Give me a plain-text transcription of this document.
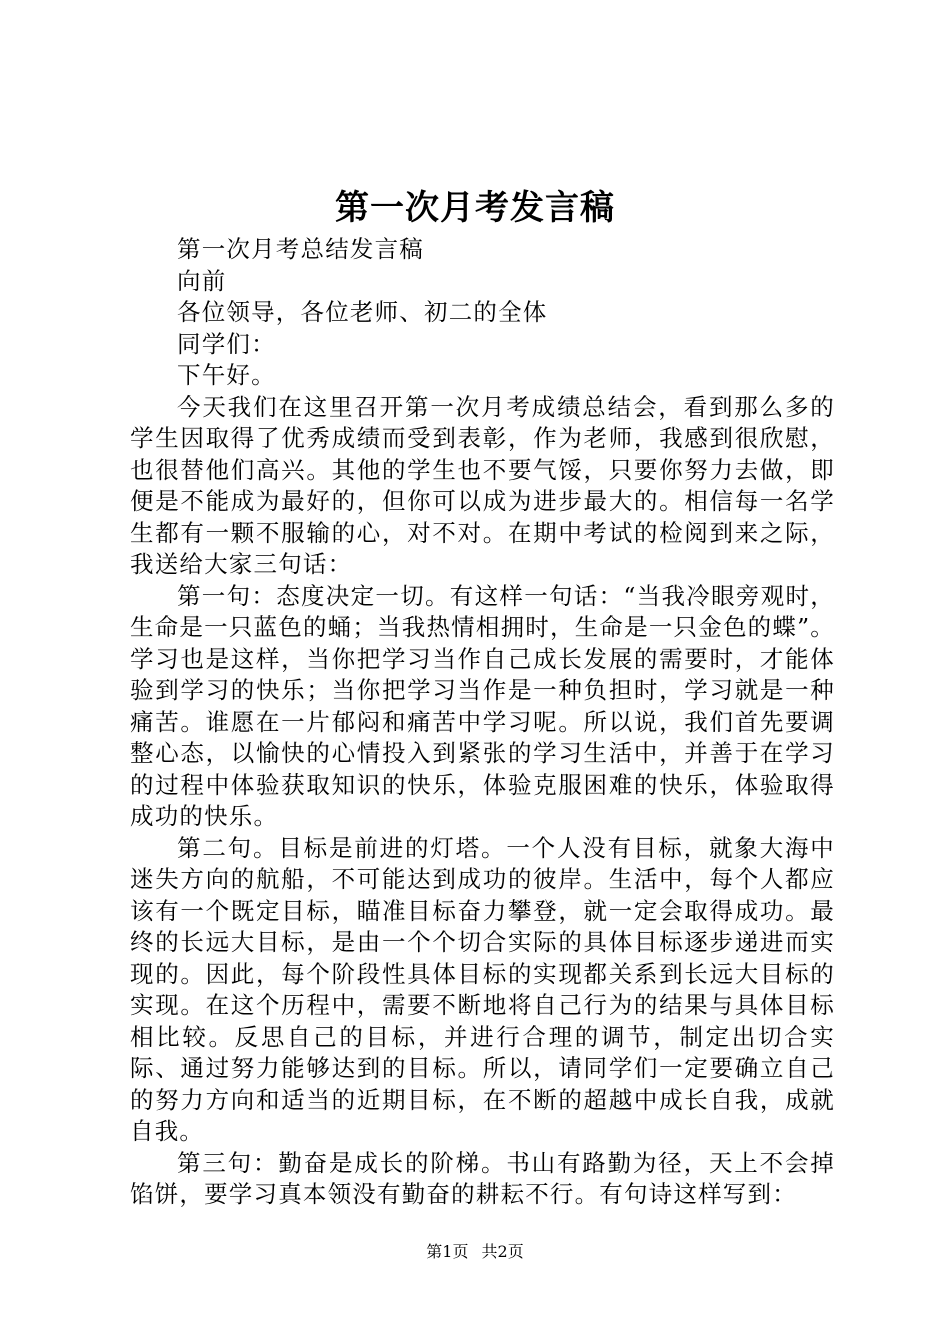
第一次月考发言稿

第一次月考总结发言稿

向前

各位领导，各位老师、初二的全体

同学们：

下午好。

今天我们在这里召开第一次月考成绩总结会，看到那么多的学生因取得了优秀成绩而受到表彰，作为老师，我感到很欣慰，也很替他们高兴。其他的学生也不要气馁，只要你努力去做，即便是不能成为最好的，但你可以成为进步最大的。相信每一名学生都有一颗不服输的心，对不对。在期中考试的检阅到来之际，我送给大家三句话：

第一句：态度决定一切。有这样一句话：“当我冷眼旁观时，生命是一只蓝色的蛹；当我热情相拥时，生命是一只金色的蝶”。学习也是这样，当你把学习当作自己成长发展的需要时，才能体验到学习的快乐；当你把学习当作是一种负担时，学习就是一种痛苦。谁愿在一片郁闷和痛苦中学习呢。所以说，我们首先要调整心态，以愉快的心情投入到紧张的学习生活中，并善于在学习的过程中体验获取知识的快乐，体验克服困难的快乐，体验取得成功的快乐。

第二句。目标是前进的灯塔。一个人没有目标，就象大海中迷失方向的航船，不可能达到成功的彼岸。生活中，每个人都应该有一个既定目标，瞄准目标奋力攀登，就一定会取得成功。最终的长远大目标，是由一个个切合实际的具体目标逐步递进而实现的。因此，每个阶段性具体目标的实现都关系到长远大目标的实现。在这个历程中，需要不断地将自己行为的结果与具体目标相比较。反思自己的目标，并进行合理的调节，制定出切合实际、通过努力能够达到的目标。所以，请同学们一定要确立自己的努力方向和适当的近期目标，在不断的超越中成长自我，成就自我。

第三句：勤奋是成长的阶梯。书山有路勤为径，天上不会掉馅饼，要学习真本领没有勤奋的耕耘不行。有句诗这样写到：

第1页 共2页
